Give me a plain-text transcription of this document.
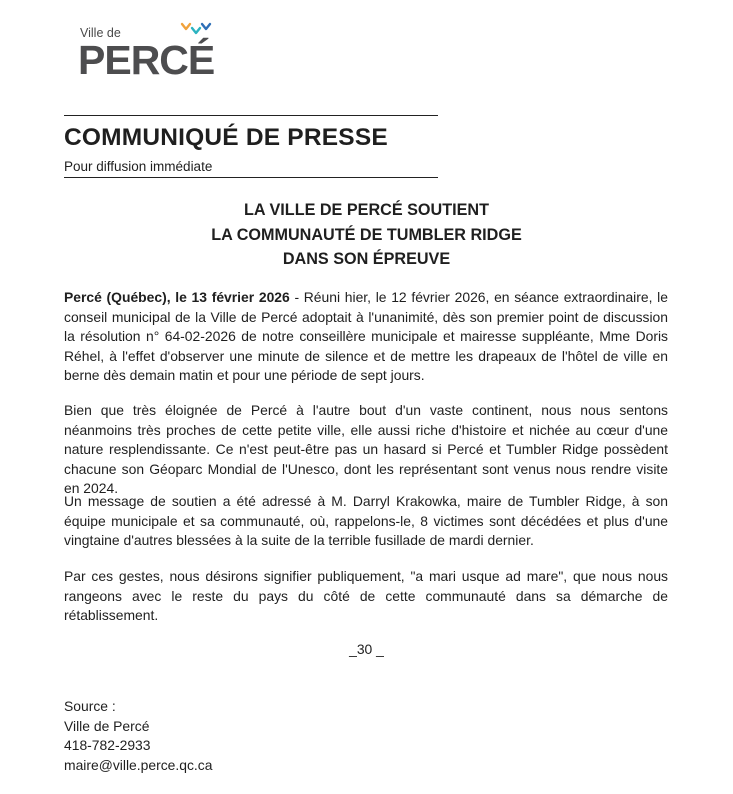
Ville de
PERCÉ
COMMUNIQUÉ DE PRESSE
Pour diffusion immédiate
LA VILLE DE PERCÉ SOUTIENT
LA COMMUNAUTÉ DE TUMBLER RIDGE
DANS SON ÉPREUVE
Percé (Québec), le 13 février 2026 - Réuni hier, le 12 février 2026, en séance extraordinaire, le conseil municipal de la Ville de Percé adoptait à l'unanimité, dès son premier point de discussion la résolution n° 64-02-2026 de notre conseillère municipale et mairesse suppléante, Mme Doris Réhel, à l'effet d'observer une minute de silence et de mettre les drapeaux de l'hôtel de ville en berne dès demain matin et pour une période de sept jours.
Bien que très éloignée de Percé à l'autre bout d'un vaste continent, nous nous sentons néanmoins très proches de cette petite ville, elle aussi riche d'histoire et nichée au cœur d'une nature resplendissante. Ce n'est peut-être pas un hasard si Percé et Tumbler Ridge possèdent chacune son Géoparc Mondial de l'Unesco, dont les représentant sont venus nous rendre visite en 2024.
Un message de soutien a été adressé à M. Darryl Krakowka, maire de Tumbler Ridge, à son équipe municipale et sa communauté, où, rappelons-le, 8 victimes sont décédées et plus d'une vingtaine d'autres blessées à la suite de la terrible fusillade de mardi dernier.
Par ces gestes, nous désirons signifier publiquement, "a mari usque ad mare", que nous nous rangeons avec le reste du pays du côté de cette communauté dans sa démarche de rétablissement.
_30 _
Source :
Ville de Percé
418-782-2933
maire@ville.perce.qc.ca
